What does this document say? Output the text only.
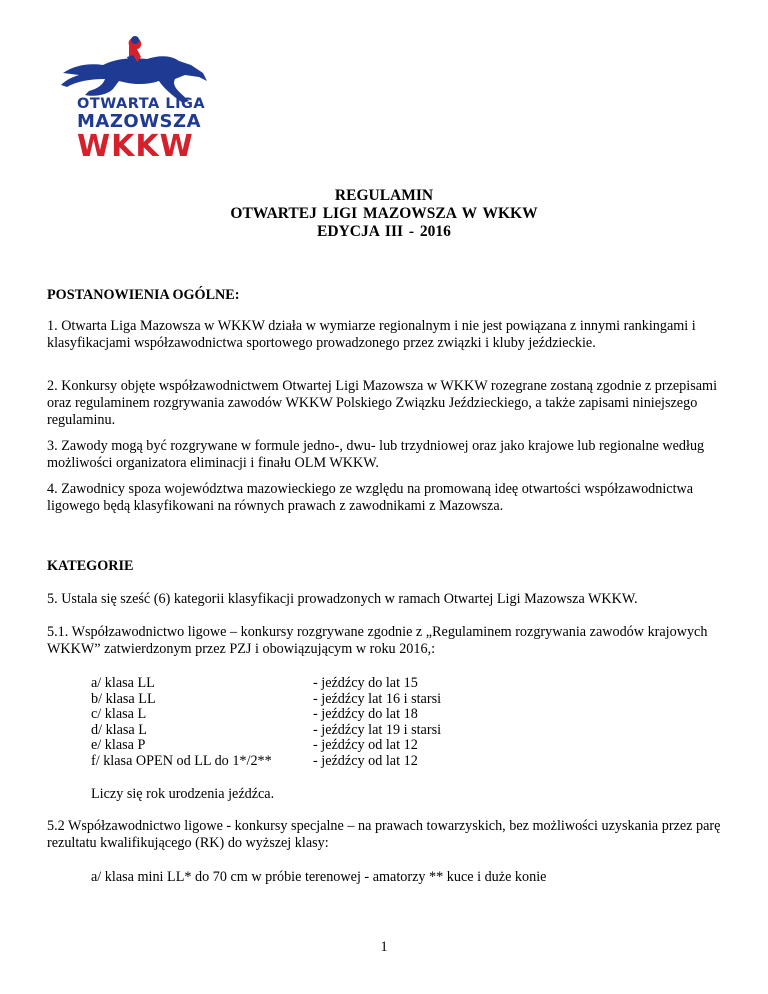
OTWARTA LIGA
MAZOWSZA
WKKW
REGULAMIN
OTWARTEJ LIGI MAZOWSZA W WKKW
EDYCJA III - 2016
POSTANOWIENIA OGÓLNE:
1. Otwarta Liga Mazowsza w WKKW działa w wymiarze regionalnym i nie jest powiązana z innymi rankingami i klasyfikacjami współzawodnictwa sportowego prowadzonego przez związki i kluby jeździeckie.
2. Konkursy objęte współzawodnictwem Otwartej Ligi Mazowsza w WKKW rozegrane zostaną zgodnie z przepisami oraz regulaminem rozgrywania zawodów WKKW Polskiego Związku Jeździeckiego, a także zapisami niniejszego regulaminu.
3. Zawody mogą być rozgrywane w formule jedno-, dwu- lub trzydniowej oraz jako krajowe lub regionalne według możliwości organizatora eliminacji i finału OLM WKKW.
4. Zawodnicy spoza województwa mazowieckiego ze względu na promowaną ideę otwartości współzawodnictwa ligowego będą klasyfikowani na równych prawach z zawodnikami z Mazowsza.
KATEGORIE
5. Ustala się sześć (6) kategorii klasyfikacji prowadzonych w ramach Otwartej Ligi Mazowsza WKKW.
5.1. Współzawodnictwo ligowe – konkursy rozgrywane zgodnie z „Regulaminem rozgrywania zawodów krajowych WKKW” zatwierdzonym przez PZJ i obowiązującym w roku 2016,:
a/ klasa LL	- jeźdźcy do lat 15
b/ klasa LL	- jeźdźcy lat 16 i starsi
c/ klasa L	- jeźdźcy do lat 18
d/ klasa L	- jeźdźcy lat 19 i starsi
e/ klasa P	- jeźdźcy od lat 12
f/ klasa OPEN od LL do 1*/2**	- jeźdźcy od lat 12
Liczy się rok urodzenia jeźdźca.
5.2 Współzawodnictwo ligowe - konkursy specjalne – na prawach towarzyskich, bez możliwości uzyskania przez parę rezultatu kwalifikującego (RK) do wyższej klasy:
a/ klasa mini LL* do 70 cm w próbie terenowej - amatorzy ** kuce i duże konie
1
